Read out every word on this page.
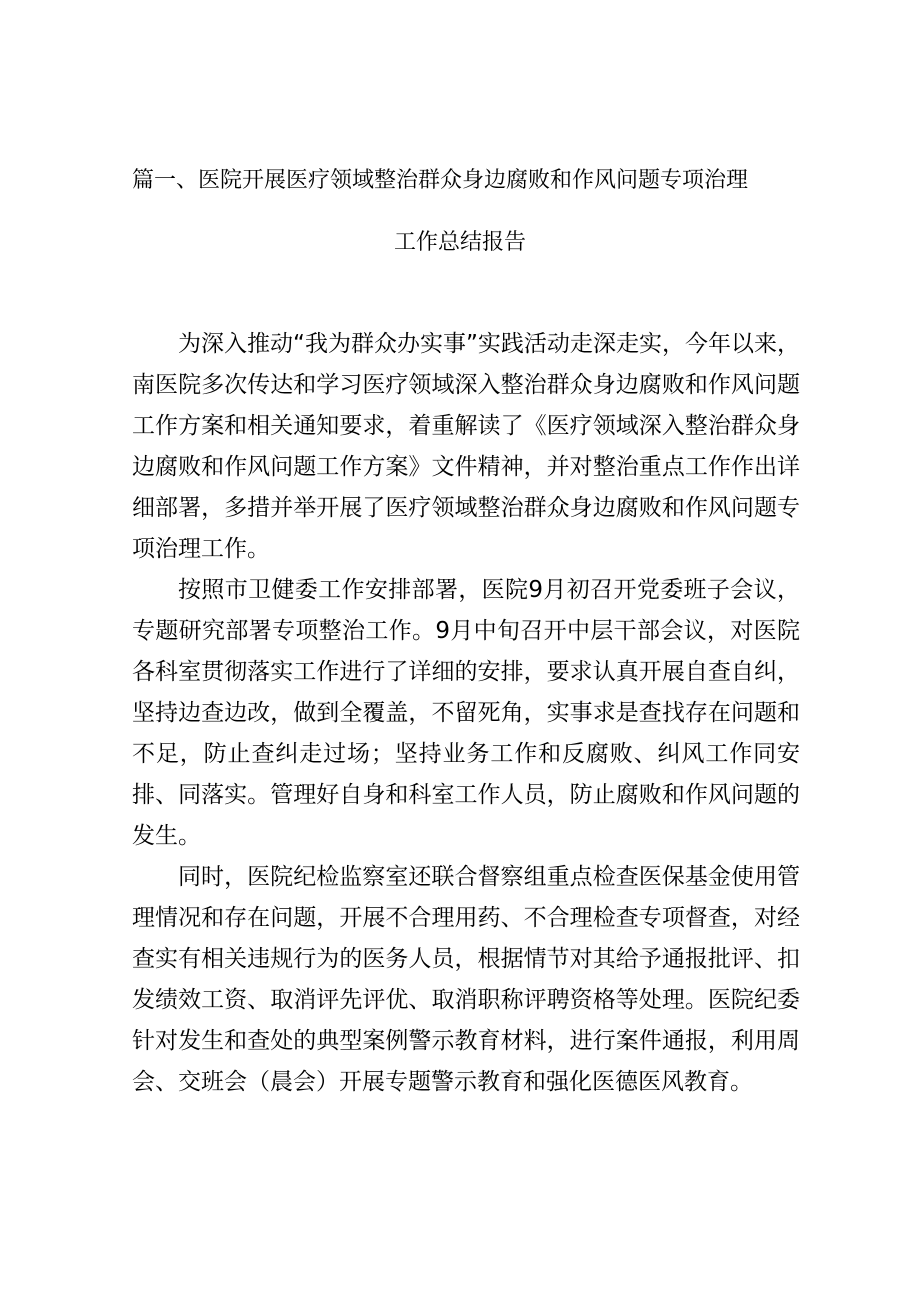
篇一、医院开展医疗领域整治群众身边腐败和作风问题专项治理
工作总结报告

为深入推动“我为群众办实事”实践活动走深走实，今年以来，南医院多次传达和学习医疗领域深入整治群众身边腐败和作风问题工作方案和相关通知要求，着重解读了《医疗领域深入整治群众身边腐败和作风问题工作方案》文件精神，并对整治重点工作作出详细部署，多措并举开展了医疗领域整治群众身边腐败和作风问题专项治理工作。

按照市卫健委工作安排部署，医院9月初召开党委班子会议，专题研究部署专项整治工作。9月中旬召开中层干部会议，对医院各科室贯彻落实工作进行了详细的安排，要求认真开展自查自纠，坚持边查边改，做到全覆盖，不留死角，实事求是查找存在问题和不足，防止查纠走过场；坚持业务工作和反腐败、纠风工作同安排、同落实。管理好自身和科室工作人员，防止腐败和作风问题的发生。

同时，医院纪检监察室还联合督察组重点检查医保基金使用管理情况和存在问题，开展不合理用药、不合理检查专项督查，对经查实有相关违规行为的医务人员，根据情节对其给予通报批评、扣发绩效工资、取消评先评优、取消职称评聘资格等处理。医院纪委针对发生和查处的典型案例警示教育材料，进行案件通报，利用周会、交班会（晨会）开展专题警示教育和强化医德医风教育。
